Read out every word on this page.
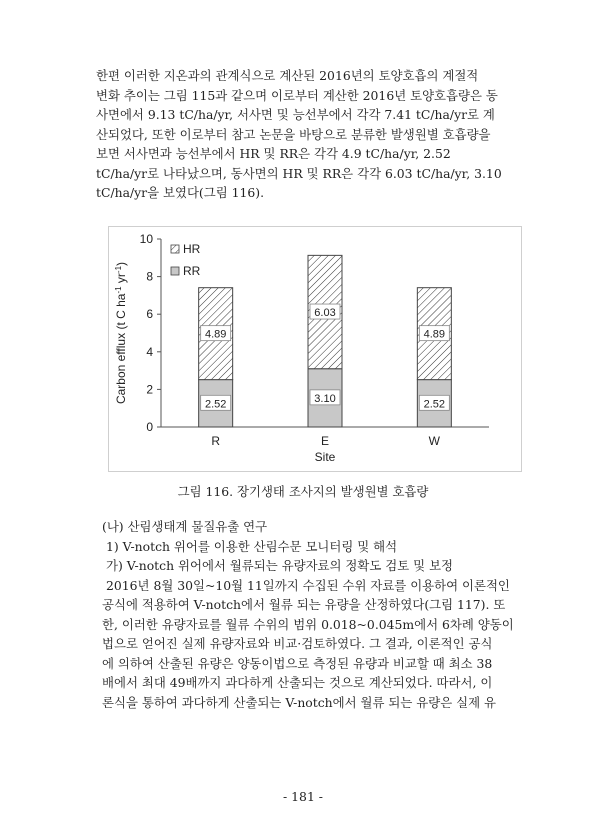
한편 이러한 지온과의 관계식으로 계산된 2016년의 토양호흡의 계절적
변화 추이는 그림 115과 같으며 이로부터 계산한 2016년 토양호흡량은 동
사면에서 9.13 tC/ha/yr, 서사면 및 능선부에서 각각 7.41 tC/ha/yr로 계
산되었다, 또한 이로부터 참고 논문을 바탕으로 분류한 발생원별 호흡량을
보면 서사면과 능선부에서 HR 및 RR은 각각 4.9 tC/ha/yr, 2.52
tC/ha/yr로 나타났으며, 동사면의 HR 및 RR은 각각 6.03 tC/ha/yr, 3.10
tC/ha/yr을 보였다(그림 116).
0
2
4
6
8
10
Carbon efflux (t C $ha^{-1}$ $yr^{-1}$)
Site
2.52
4.89
R
3.10
6.03
E
2.52
4.89
W
HR
RR
그림 116. 장기생태 조사지의 발생원별 호흡량
(나) 산림생태계 물질유출 연구
1) V-notch 위어를 이용한 산림수문 모니터링 및 해석
가) V-notch 위어에서 월류되는 유량자료의 정확도 검토 및 보정
2016년 8월 30일~10월 11일까지 수집된 수위 자료를 이용하여 이론적인
공식에 적용하여 V-notch에서 월류 되는 유량을 산정하였다(그림 117). 또
한, 이러한 유량자료를 월류 수위의 범위 0.018~0.045m에서 6차례 양동이
법으로 얻어진 실제 유량자료와 비교·검토하였다. 그 결과, 이론적인 공식
에 의하여 산출된 유량은 양동이법으로 측정된 유량과 비교할 때 최소 38
배에서 최대 49배까지 과다하게 산출되는 것으로 계산되었다. 따라서, 이
론식을 통하여 과다하게 산출되는 V-notch에서 월류 되는 유량은 실제 유
- 181 -
